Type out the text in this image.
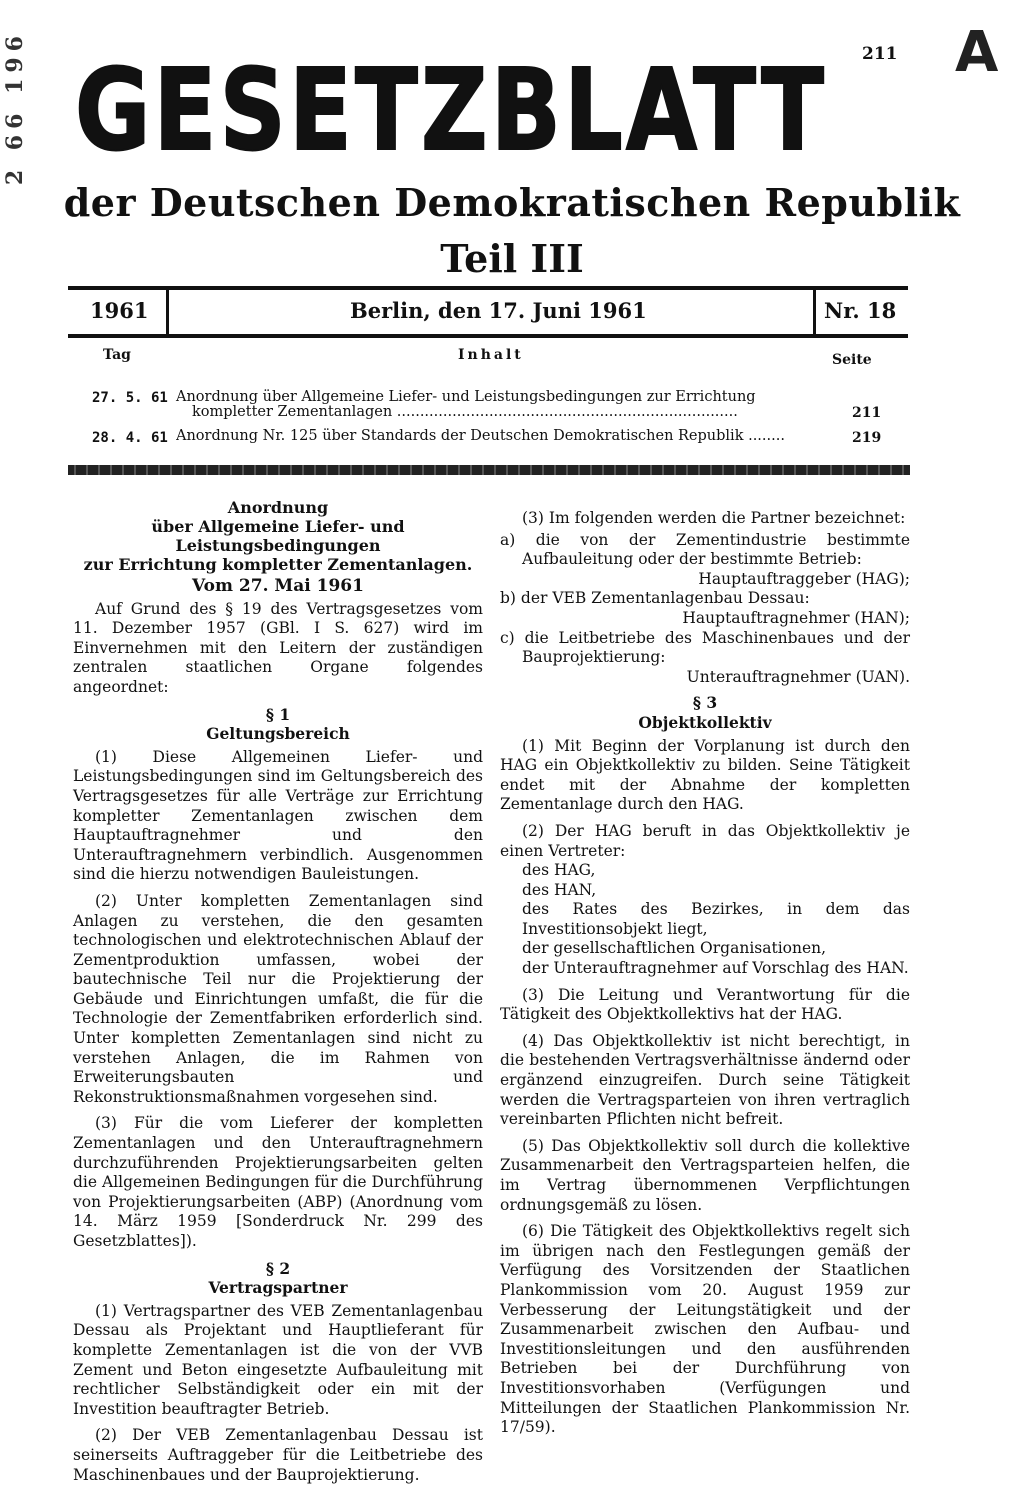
2 66 196	211 A
GESETZBLATT
der Deutschen Demokratischen Republik
Teil III
1961	Berlin, den 17. Juni 1961	Nr. 18
Tag	Inhalt	Seite
27. 5. 61 Anordnung über Allgemeine Liefer- und Leistungsbedingungen zur Errichtung
kompletter Zementanlagen ..........................................................................	211
28. 4. 61 Anordnung Nr. 125 über Standards der Deutschen Demokratischen Republik ........	219
Anordnung
über Allgemeine Liefer- und Leistungsbedingungen
zur Errichtung kompletter Zementanlagen.
Vom 27. Mai 1961

Auf Grund des § 19 des Vertragsgesetzes vom 11. Dezember 1957 (GBl. I S. 627) wird im Einvernehmen mit den Leitern der zuständigen zentralen staatlichen Organe folgendes angeordnet:

§ 1
Geltungsbereich

(1) Diese Allgemeinen Liefer- und Leistungsbedingungen sind im Geltungsbereich des Vertragsgesetzes für alle Verträge zur Errichtung kompletter Zementanlagen zwischen dem Hauptauftragnehmer und den Unterauftragnehmern verbindlich. Ausgenommen sind die hierzu notwendigen Bauleistungen.

(2) Unter kompletten Zementanlagen sind Anlagen zu verstehen, die den gesamten technologischen und elektrotechnischen Ablauf der Zementproduktion umfassen, wobei der bautechnische Teil nur die Projektierung der Gebäude und Einrichtungen umfaßt, die für die Technologie der Zementfabriken erforderlich sind. Unter kompletten Zementanlagen sind nicht zu verstehen Anlagen, die im Rahmen von Erweiterungsbauten und Rekonstruktionsmaßnahmen vorgesehen sind.

(3) Für die vom Lieferer der kompletten Zementanlagen und den Unterauftragnehmern durchzuführenden Projektierungsarbeiten gelten die Allgemeinen Bedingungen für die Durchführung von Projektierungsarbeiten (ABP) (Anordnung vom 14. März 1959 [Sonderdruck Nr. 299 des Gesetzblattes]).

§ 2
Vertragspartner

(1) Vertragspartner des VEB Zementanlagenbau Dessau als Projektant und Hauptlieferant für komplette Zementanlagen ist die von der VVB Zement und Beton eingesetzte Aufbauleitung mit rechtlicher Selbständigkeit oder ein mit der Investition beauftragter Betrieb.

(2) Der VEB Zementanlagenbau Dessau ist seinerseits Auftraggeber für die Leitbetriebe des Maschinenbaues und der Bauprojektierung.

(3) Im folgenden werden die Partner bezeichnet:

a) die von der Zementindustrie bestimmte Aufbauleitung oder der bestimmte Betrieb:
Hauptauftraggeber (HAG);
b) der VEB Zementanlagenbau Dessau:
Hauptauftragnehmer (HAN);
c) die Leitbetriebe des Maschinenbaues und der Bauprojektierung:
Unterauftragnehmer (UAN).
§ 3
Objektkollektiv

(1) Mit Beginn der Vorplanung ist durch den HAG ein Objektkollektiv zu bilden. Seine Tätigkeit endet mit der Abnahme der kompletten Zementanlage durch den HAG.

(2) Der HAG beruft in das Objektkollektiv je einen Vertreter:

des HAG,
des HAN,
des Rates des Bezirkes, in dem das Investitionsobjekt liegt,
der gesellschaftlichen Organisationen,
der Unterauftragnehmer auf Vorschlag des HAN.

(3) Die Leitung und Verantwortung für die Tätigkeit des Objektkollektivs hat der HAG.

(4) Das Objektkollektiv ist nicht berechtigt, in die bestehenden Vertragsverhältnisse ändernd oder ergänzend einzugreifen. Durch seine Tätigkeit werden die Vertragsparteien von ihren vertraglich vereinbarten Pflichten nicht befreit.

(5) Das Objektkollektiv soll durch die kollektive Zusammenarbeit den Vertragsparteien helfen, die im Vertrag übernommenen Verpflichtungen ordnungsgemäß zu lösen.

(6) Die Tätigkeit des Objektkollektivs regelt sich im übrigen nach den Festlegungen gemäß der Verfügung des Vorsitzenden der Staatlichen Plankommission vom 20. August 1959 zur Verbesserung der Leitungstätigkeit und der Zusammenarbeit zwischen den Aufbau- und Investitionsleitungen und den ausführenden Betrieben bei der Durchführung von Investitionsvorhaben (Verfügungen und Mitteilungen der Staatlichen Plankommission Nr. 17/59).
